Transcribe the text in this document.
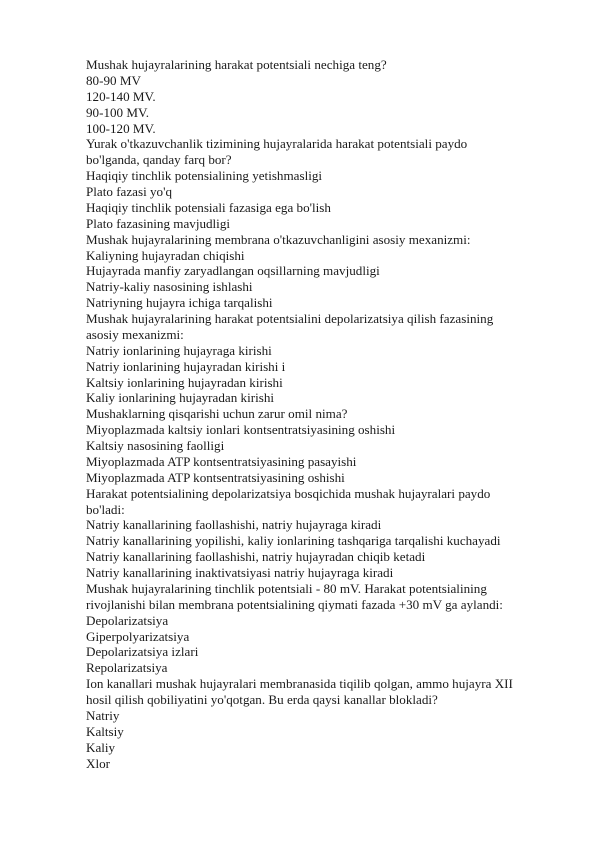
Mushak hujayralarining harakat potentsiali nechiga teng?
80-90 MV
120-140 MV.
90-100 MV.
100-120 MV.
Yurak o'tkazuvchanlik tizimining hujayralarida harakat potentsiali paydo
bo'lganda, qanday farq bor?
Haqiqiy tinchlik potensialining yetishmasligi
Plato fazasi yo'q
Haqiqiy tinchlik potensiali fazasiga ega bo'lish
Plato fazasining mavjudligi
Mushak hujayralarining membrana o'tkazuvchanligini asosiy mexanizmi:
Kaliyning hujayradan chiqishi
Hujayrada manfiy zaryadlangan oqsillarning mavjudligi
Natriy-kaliy nasosining ishlashi
Natriyning hujayra ichiga tarqalishi
Mushak hujayralarining harakat potentsialini depolarizatsiya qilish fazasining
asosiy mexanizmi:
Natriy ionlarining hujayraga kirishi
Natriy ionlarining hujayradan kirishi i
Kaltsiy ionlarining hujayradan kirishi
Kaliy ionlarining hujayradan kirishi
Mushaklarning qisqarishi uchun zarur omil nima?
Miyoplazmada kaltsiy ionlari kontsentratsiyasining oshishi
Kaltsiy nasosining faolligi
Miyoplazmada ATP kontsentratsiyasining pasayishi
Miyoplazmada ATP kontsentratsiyasining oshishi
Harakat potentsialining depolarizatsiya bosqichida mushak hujayralari paydo
bo'ladi:
Natriy kanallarining faollashishi, natriy hujayraga kiradi
Natriy kanallarining yopilishi, kaliy ionlarining tashqariga tarqalishi kuchayadi
Natriy kanallarining faollashishi, natriy hujayradan chiqib ketadi
Natriy kanallarining inaktivatsiyasi natriy hujayraga kiradi
Mushak hujayralarining tinchlik potentsiali - 80 mV. Harakat potentsialining
rivojlanishi bilan membrana potentsialining qiymati fazada +30 mV ga aylandi:
Depolarizatsiya
Giperpolyarizatsiya
Depolarizatsiya izlari
Repolarizatsiya
Ion kanallari mushak hujayralari membranasida tiqilib qolgan, ammo hujayra XII
hosil qilish qobiliyatini yo'qotgan. Bu erda qaysi kanallar blokladi?
Natriy
Kaltsiy
Kaliy
Xlor
